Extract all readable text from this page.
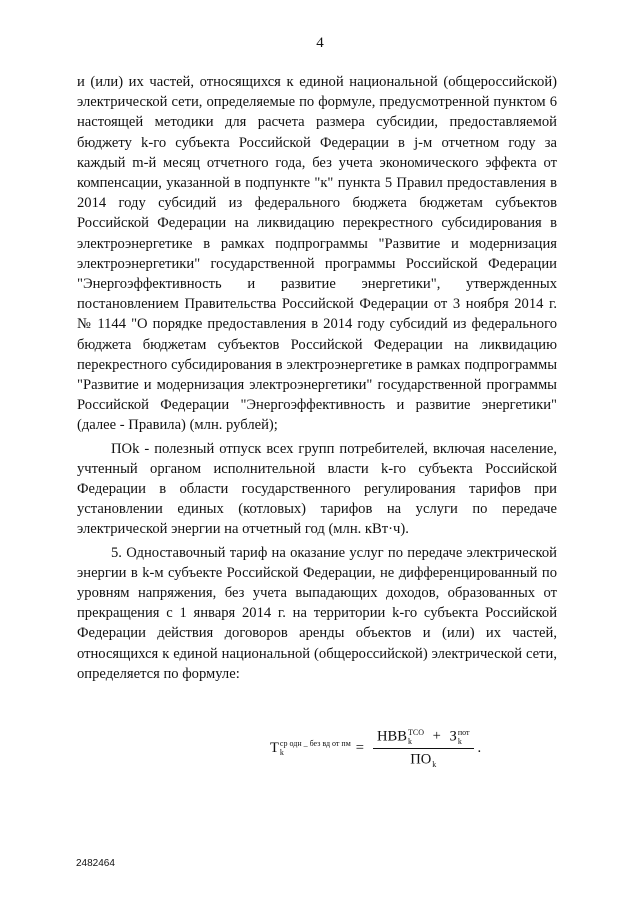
4

и (или) их частей, относящихся к единой национальной (общероссийской) электрической сети, определяемые по формуле, предусмотренной пунктом 6 настоящей методики для расчета размера субсидии, предоставляемой бюджету k-го субъекта Российской Федерации в j-м отчетном году за каждый m-й месяц отчетного года, без учета экономического эффекта от компенсации, указанной в подпункте "к" пункта 5 Правил предоставления в 2014 году субсидий из федерального бюджета бюджетам субъектов Российской Федерации на ликвидацию перекрестного субсидирования в электроэнергетике в рамках подпрограммы "Развитие и модернизация электроэнергетики" государственной программы Российской Федерации "Энергоэффективность и развитие энергетики", утвержденных постановлением Правительства Российской Федерации от 3 ноября 2014 г. № 1144 "О порядке предоставления в 2014 году субсидий из федерального бюджета бюджетам субъектов Российской Федерации на ликвидацию перекрестного субсидирования в электроэнергетике в рамках подпрограммы "Развитие и модернизация электроэнергетики" государственной программы Российской Федерации "Энергоэффективность и развитие энергетики" (далее - Правила) (млн. рублей);

ПОk - полезный отпуск всех групп потребителей, включая население, учтенный органом исполнительной власти k-го субъекта Российской Федерации в области государственного регулирования тарифов при установлении единых (котловых) тарифов на услуги по передаче электрической энергии на отчетный год (млн. кВт·ч).

5. Одноставочный тариф на оказание услуг по передаче электрической энергии в k-м субъекте Российской Федерации, не дифференцированный по уровням напряжения, без учета выпадающих доходов, образованных от прекращения с 1 января 2014 г. на территории k-го субъекта Российской Федерации действия договоров аренды объектов и (или) их частей, относящихся к единой национальной (общероссийской) электрической сети, определяется по формуле:

Т ср одн _ без вд от пм
k	= НВВ ТСО
k	+ З пот
k
ПО
k .
2482464
